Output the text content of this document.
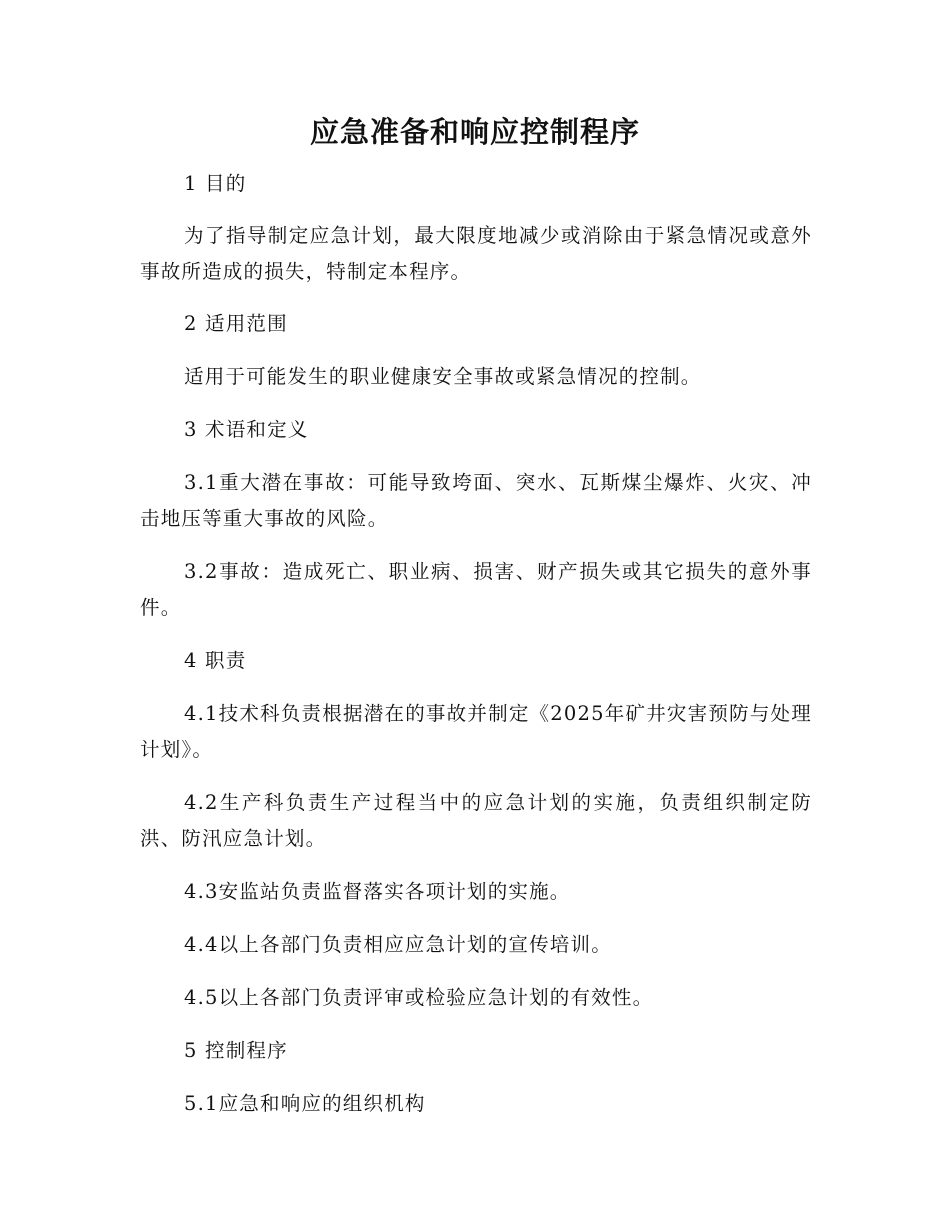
应急准备和响应控制程序

1 目的

为了指导制定应急计划，最大限度地减少或消除由于紧急情况或意外事故所造成的损失，特制定本程序。

2 适用范围

适用于可能发生的职业健康安全事故或紧急情况的控制。

3 术语和定义

3.1重大潜在事故：可能导致垮面、突水、瓦斯煤尘爆炸、火灾、冲击地压等重大事故的风险。

3.2事故：造成死亡、职业病、损害、财产损失或其它损失的意外事件。

4 职责

4.1技术科负责根据潜在的事故并制定《2025年矿井灾害预防与处理计划》。

4.2生产科负责生产过程当中的应急计划的实施，负责组织制定防洪、防汛应急计划。

4.3安监站负责监督落实各项计划的实施。

4.4以上各部门负责相应应急计划的宣传培训。

4.5以上各部门负责评审或检验应急计划的有效性。

5 控制程序

5.1应急和响应的组织机构
